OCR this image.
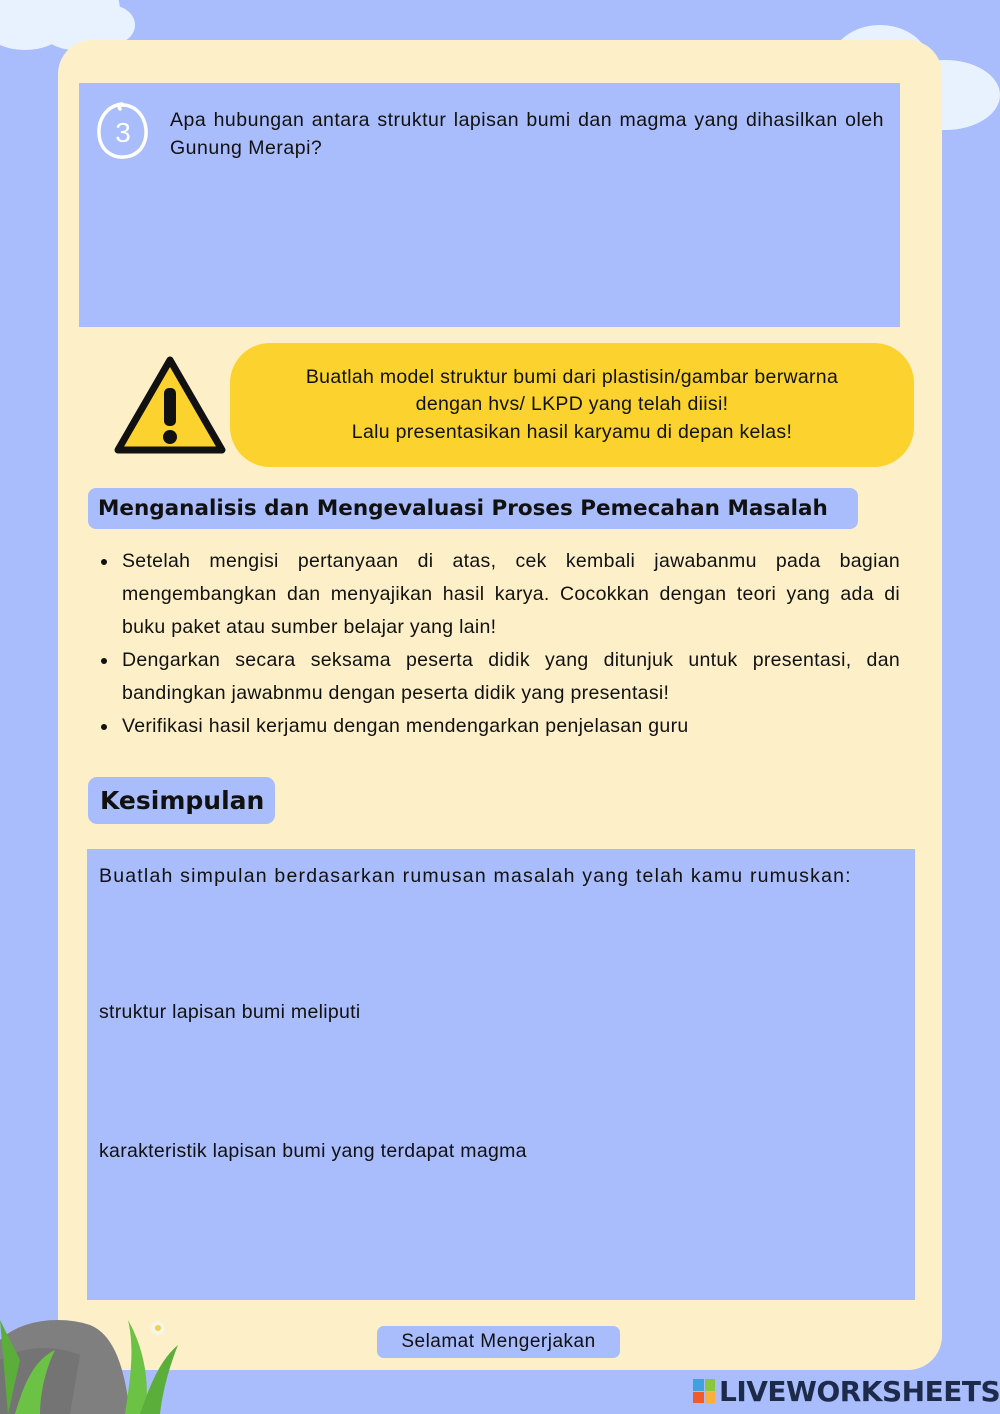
3 Apa hubungan antara struktur lapisan bumi dan magma yang dihasilkan oleh Gunung Merapi?
Buatlah model struktur bumi dari plastisin/gambar berwarna
dengan hvs/ LKPD yang telah diisi!
Lalu presentasikan hasil karyamu di depan kelas!
Menganalisis dan Mengevaluasi Proses Pemecahan Masalah
Setelah mengisi pertanyaan di atas, cek kembali jawabanmu pada bagian mengembangkan dan menyajikan hasil karya. Cocokkan dengan teori yang ada di buku paket atau sumber belajar yang lain!
Dengarkan secara seksama peserta didik yang ditunjuk untuk presentasi, dan bandingkan jawabnmu dengan peserta didik yang presentasi!
Verifikasi hasil kerjamu dengan mendengarkan penjelasan guru
Kesimpulan
Buatlah simpulan berdasarkan rumusan masalah yang telah kamu rumuskan:
struktur lapisan bumi meliputi
karakteristik lapisan bumi yang terdapat magma
Selamat Mengerjakan
LIVEWORKSHEETS
